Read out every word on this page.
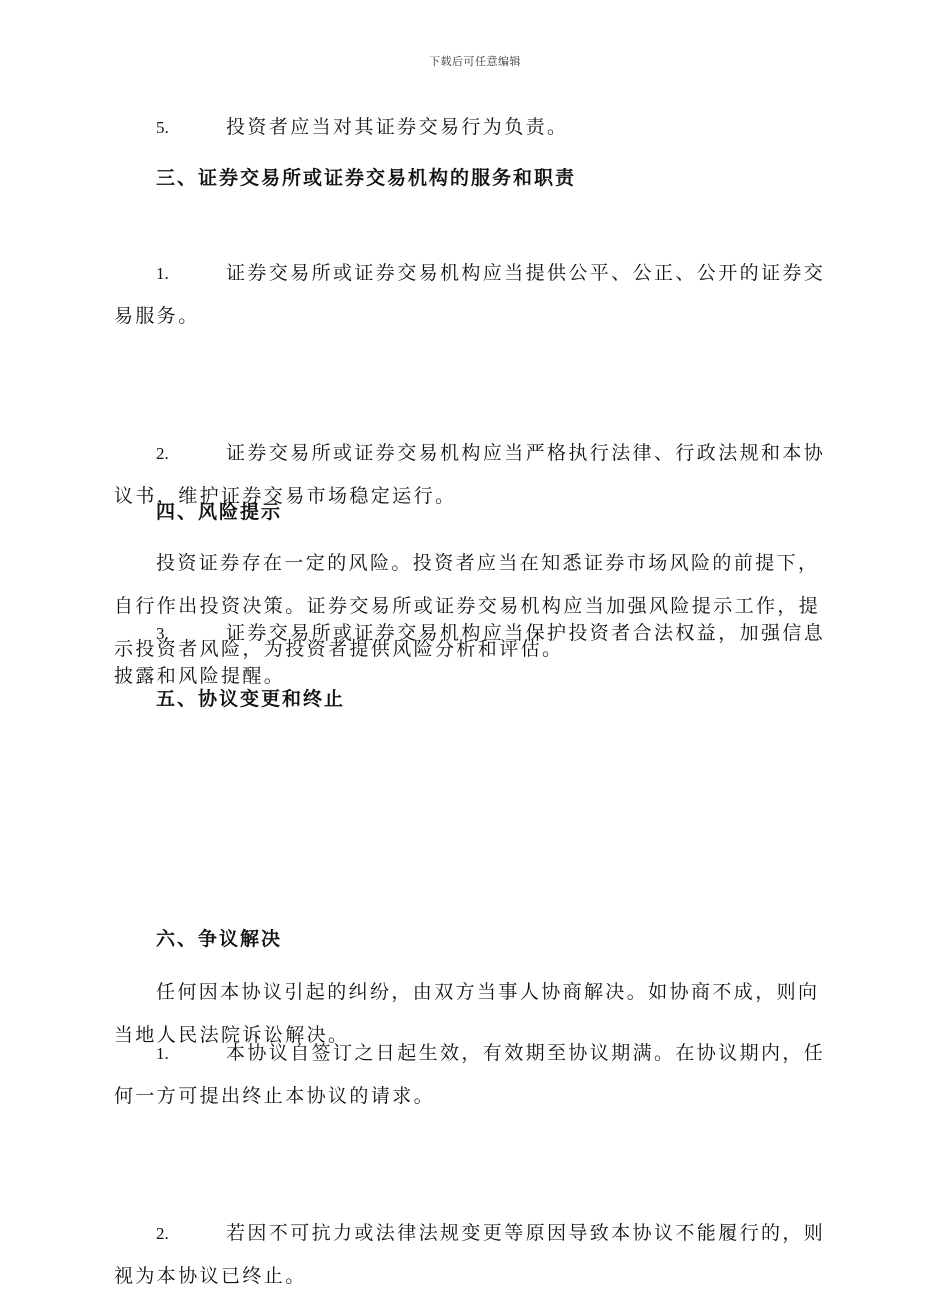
下载后可任意编辑
5.	投资者应当对其证券交易行为负责。
三、证券交易所或证券交易机构的服务和职责
1.	证券交易所或证券交易机构应当提供公平、公正、公开的证券交易服务。
2.	证券交易所或证券交易机构应当严格执行法律、行政法规和本协议书，维护证券交易市场稳定运行。
3.	证券交易所或证券交易机构应当保护投资者合法权益，加强信息披露和风险提醒。
四、风险提示
投资证券存在一定的风险。投资者应当在知悉证券市场风险的前提下，自行作出投资决策。证券交易所或证券交易机构应当加强风险提示工作，提示投资者风险，为投资者提供风险分析和评估。
五、协议变更和终止
1.	本协议自签订之日起生效，有效期至协议期满。在协议期内，任何一方可提出终止本协议的请求。
2.	若因不可抗力或法律法规变更等原因导致本协议不能履行的，则视为本协议已终止。
六、争议解决
任何因本协议引起的纠纷，由双方当事人协商解决。如协商不成，则向当地人民法院诉讼解决。
